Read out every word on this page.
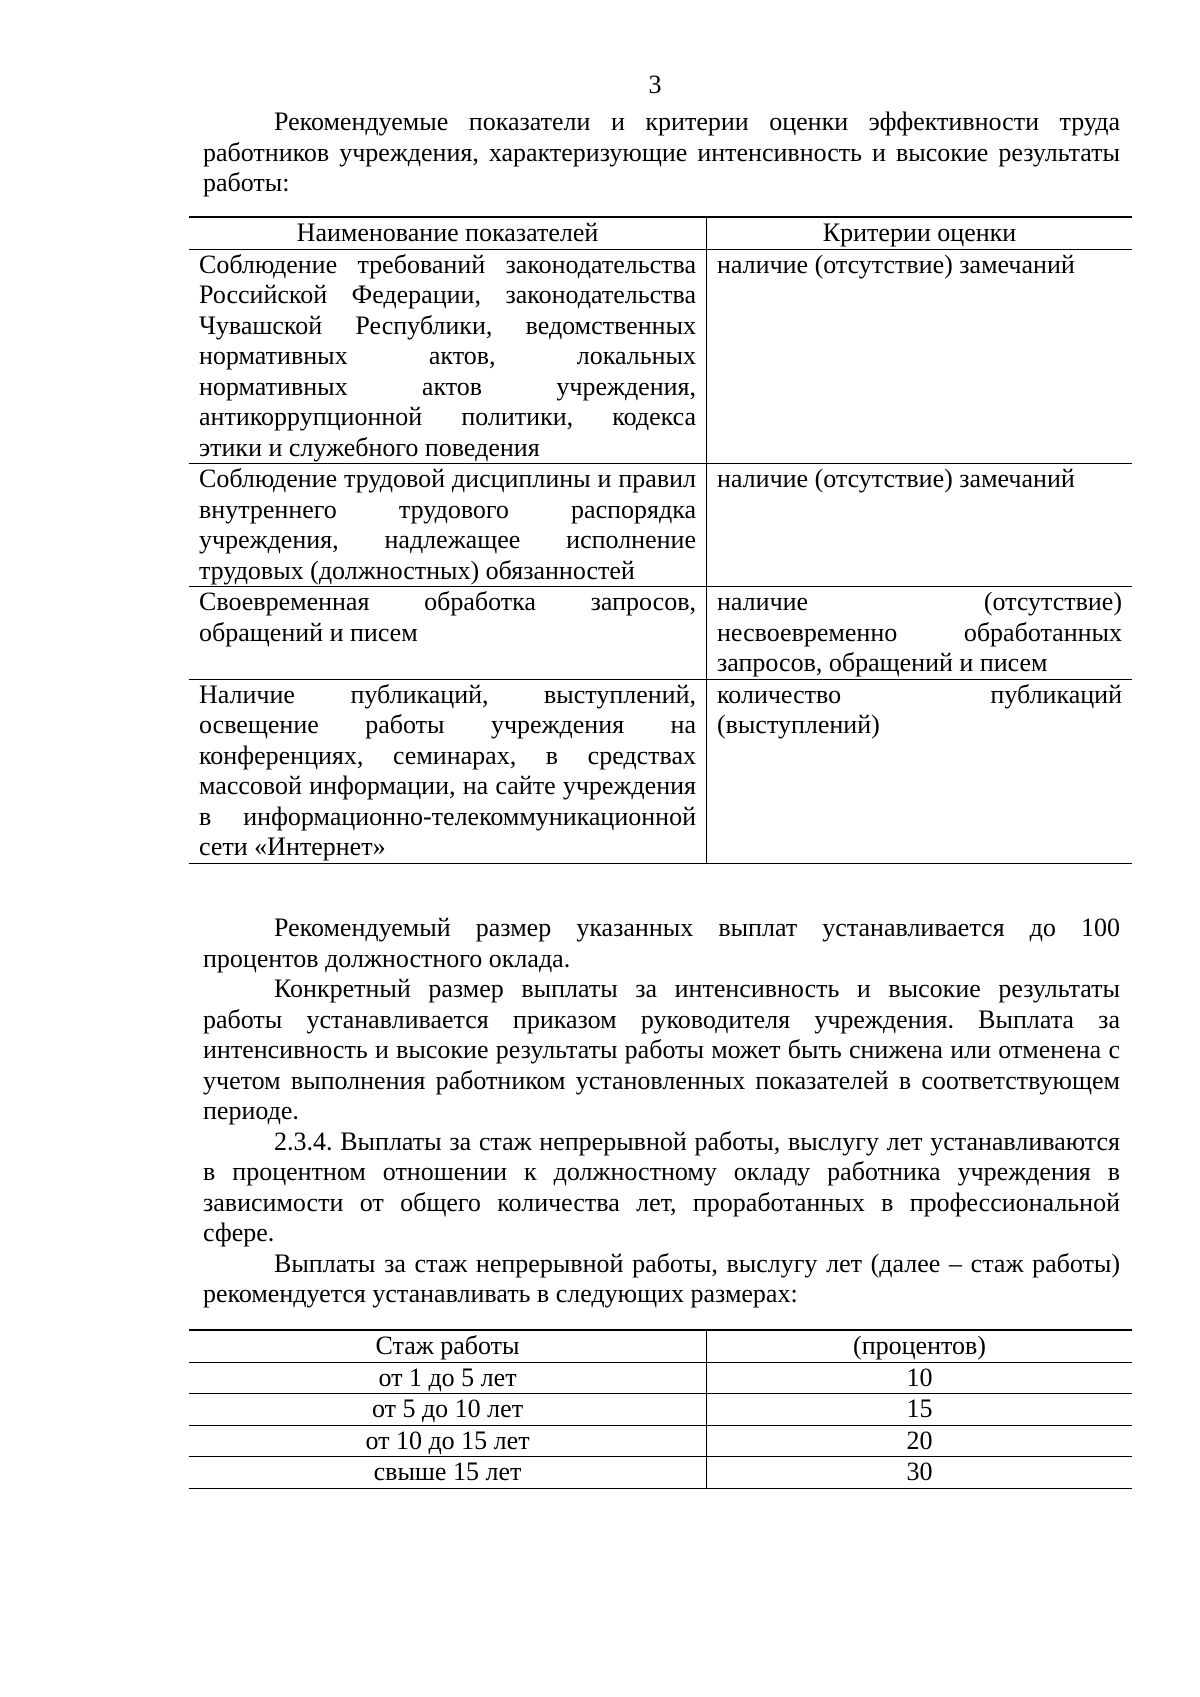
3

Рекомендуемые показатели и критерии оценки эффективности труда работников учреждения, характеризующие интенсивность и высокие результаты работы:

Наименование показателей	Критерии оценки
Соблюдение требований законодательства Российской Федерации, законодательства Чувашской Республики, ведомственных нормативных актов, локальных нормативных актов учреждения, антикоррупционной политики, кодекса этики и служебного поведения	наличие (отсутствие) замечаний
Соблюдение трудовой дисциплины и правил внутреннего трудового распорядка учреждения, надлежащее исполнение трудовых (должностных) обязанностей	наличие (отсутствие) замечаний
Своевременная обработка запросов, обращений и писем	наличие (отсутствие) несвоевременно обработанных запросов, обращений и писем
Наличие публикаций, выступлений, освещение работы учреждения на конференциях, семинарах, в средствах массовой информации, на сайте учреждения в информационно-телекоммуникационной сети «Интернет»	количество публикаций (выступлений)

Рекомендуемый размер указанных выплат устанавливается до 100 процентов должностного оклада.

Конкретный размер выплаты за интенсивность и высокие результаты работы устанавливается приказом руководителя учреждения. Выплата за интенсивность и высокие результаты работы может быть снижена или отменена с учетом выполнения работником установленных показателей в соответствующем периоде.

2.3.4. Выплаты за стаж непрерывной работы, выслугу лет устанавливаются в процентном отношении к должностному окладу работника учреждения в зависимости от общего количества лет, проработанных в профессиональной сфере.

Выплаты за стаж непрерывной работы, выслугу лет (далее – стаж работы) рекомендуется устанавливать в следующих размерах:

Стаж работы	(процентов)
от 1 до 5 лет	10
от 5 до 10 лет	15
от 10 до 15 лет	20
свыше 15 лет	30
